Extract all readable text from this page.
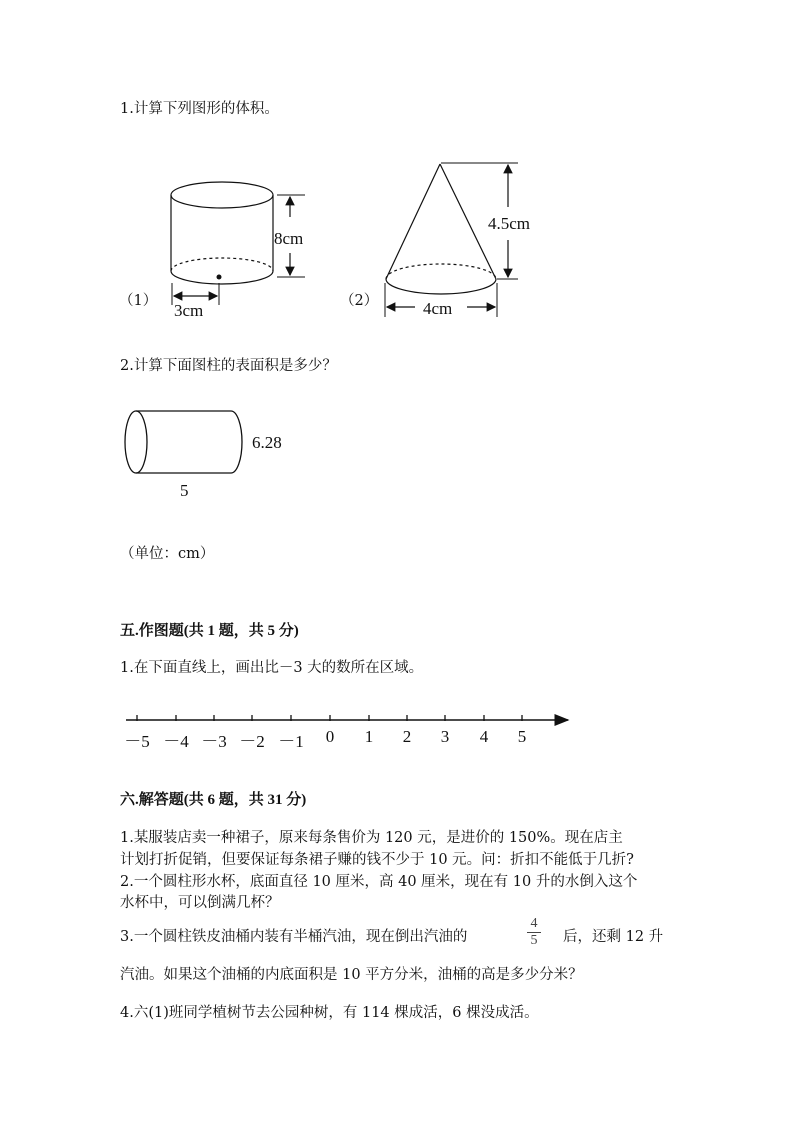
1.计算下列图形的体积。
8cm
3cm
（1）
4.5cm
4cm
（2）
2.计算下面图柱的表面积是多少？
6.28
5
（单位：cm）
五.作图题(共 1 题，共 5 分)
1.在下面直线上，画出比－3 大的数所在区域。
－5 －4 －3 －2 －1	0	1	2	3	4	5
六.解答题(共 6 题，共 31 分)
1.某服装店卖一种裙子，原来每条售价为 120 元，是进价的 150%。现在店主
计划打折促销，但要保证每条裙子赚的钱不少于 10 元。问：折扣不能低于几折?
2.一个圆柱形水杯，底面直径 10 厘米，高 40 厘米，现在有 10 升的水倒入这个
水杯中，可以倒满几杯？
3.一个圆柱铁皮油桶内装有半桶汽油，现在倒出汽油的
4
5 后，还剩 12 升
汽油。如果这个油桶的内底面积是 10 平方分米，油桶的高是多少分米？
4.六(1)班同学植树节去公园种树，有 114 棵成活，6 棵没成活。
